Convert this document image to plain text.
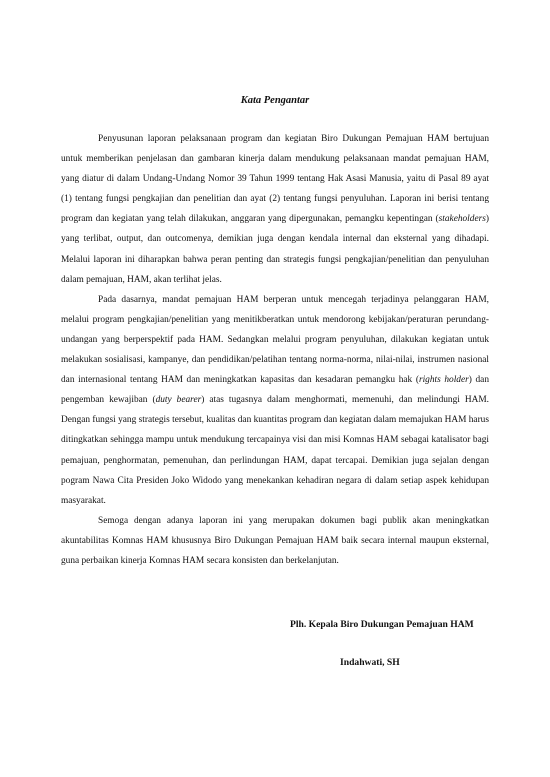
Kata Pengantar

Penyusunan laporan pelaksanaan program dan kegiatan Biro Dukungan Pemajuan HAM bertujuan untuk memberikan penjelasan dan gambaran kinerja dalam mendukung pelaksanaan mandat pemajuan HAM, yang diatur di dalam Undang-Undang Nomor 39 Tahun 1999 tentang Hak Asasi Manusia, yaitu di Pasal 89 ayat (1) tentang fungsi pengkajian dan penelitian dan ayat (2) tentang fungsi penyuluhan. Laporan ini berisi tentang program dan kegiatan yang telah dilakukan, anggaran yang dipergunakan, pemangku kepentingan (stakeholders) yang terlibat, output, dan outcomenya, demikian juga dengan kendala internal dan eksternal yang dihadapi. Melalui laporan ini diharapkan bahwa peran penting dan strategis fungsi pengkajian/penelitian dan penyuluhan dalam pemajuan, HAM, akan terlihat jelas.

Pada dasarnya, mandat pemajuan HAM berperan untuk mencegah terjadinya pelanggaran HAM, melalui program pengkajian/penelitian yang menitikberatkan untuk mendorong kebijakan/peraturan perundang-undangan yang berperspektif pada HAM. Sedangkan melalui program penyuluhan, dilakukan kegiatan untuk melakukan sosialisasi, kampanye, dan pendidikan/pelatihan tentang norma-norma, nilai-nilai, instrumen nasional dan internasional tentang HAM dan meningkatkan kapasitas dan kesadaran pemangku hak (rights holder) dan pengemban kewajiban (duty bearer) atas tugasnya dalam menghormati, memenuhi, dan melindungi HAM. Dengan fungsi yang strategis tersebut, kualitas dan kuantitas program dan kegiatan dalam memajukan HAM harus ditingkatkan sehingga mampu untuk mendukung tercapainya visi dan misi Komnas HAM sebagai katalisator bagi pemajuan, penghormatan, pemenuhan, dan perlindungan HAM, dapat tercapai. Demikian juga sejalan dengan pogram Nawa Cita Presiden Joko Widodo yang menekankan kehadiran negara di dalam setiap aspek kehidupan masyarakat.

Semoga dengan adanya laporan ini yang merupakan dokumen bagi publik akan meningkatkan akuntabilitas Komnas HAM khususnya Biro Dukungan Pemajuan HAM baik secara internal maupun eksternal, guna perbaikan kinerja Komnas HAM secara konsisten dan berkelanjutan.

Plh. Kepala Biro Dukungan Pemajuan HAM
Indahwati, SH
